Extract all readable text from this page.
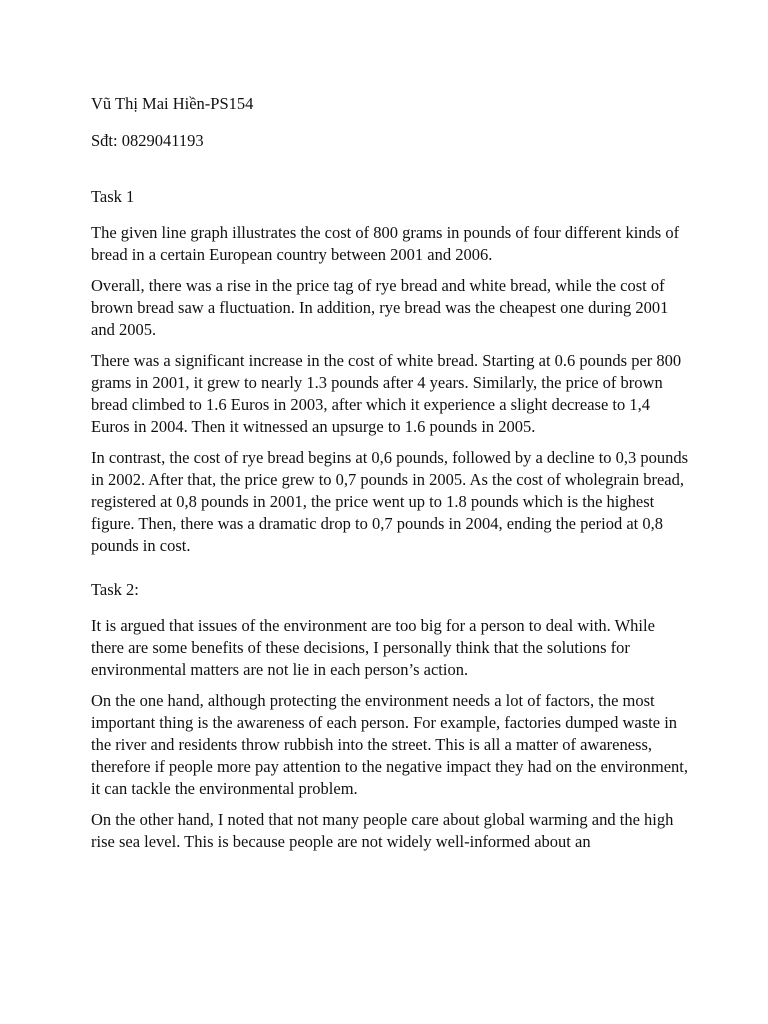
Vũ Thị Mai Hiền-PS154

Sđt: 0829041193

Task 1

The given line graph illustrates the cost of 800 grams in pounds of four different kinds of bread in a certain European country between 2001 and 2006.

Overall, there was a rise in the price tag of rye bread and white bread, while the cost of brown bread saw a fluctuation. In addition, rye bread was the cheapest one during 2001 and 2005.

There was a significant increase in the cost of white bread. Starting at 0.6 pounds per 800 grams in 2001, it grew to nearly 1.3 pounds after 4 years. Similarly, the price of brown bread climbed to 1.6 Euros in 2003, after which it experience a slight decrease to 1,4 Euros in 2004. Then it witnessed an upsurge to 1.6 pounds in 2005.

In contrast, the cost of rye bread begins at 0,6 pounds, followed by a decline to 0,3 pounds in 2002. After that, the price grew to 0,7 pounds in 2005. As the cost of wholegrain bread, registered at 0,8 pounds in 2001, the price went up to 1.8 pounds which is the highest figure. Then, there was a dramatic drop to 0,7 pounds in 2004, ending the period at 0,8 pounds in cost.

Task 2:

It is argued that issues of the environment are too big for a person to deal with. While there are some benefits of these decisions, I personally think that the solutions for environmental matters are not lie in each person’s action.

On the one hand, although protecting the environment needs a lot of factors, the most important thing is the awareness of each person. For example, factories dumped waste in the river and residents throw rubbish into the street. This is all a matter of awareness, therefore if people more pay attention to the negative impact they had on the environment, it can tackle the environmental problem.

On the other hand, I noted that not many people care about global warming and the high rise sea level. This is because people are not widely well-informed about an
